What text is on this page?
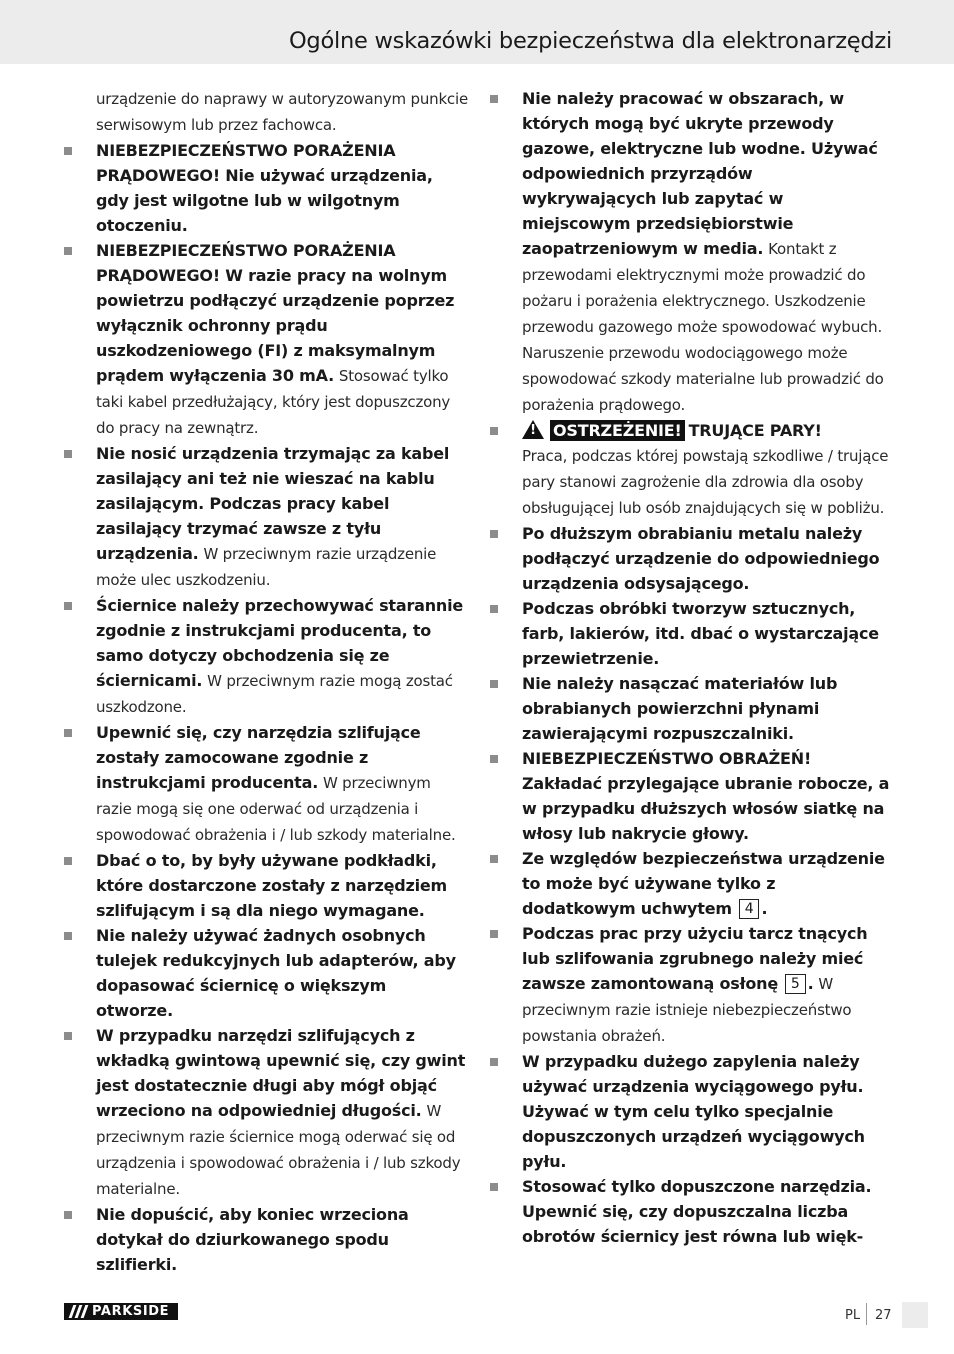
Ogólne wskazówki bezpieczeństwa dla elektronarzędzi

urządzenie do naprawy w autoryzowanym punkcie serwisowym lub przez fachowca.

NIEBEZPIECZEŃSTWO PORAŻENIA PRĄDOWEGO! Nie używać urządzenia, gdy jest wilgotne lub w wilgotnym otoczeniu.

NIEBEZPIECZEŃSTWO PORAŻENIA PRĄDOWEGO! W razie pracy na wolnym powietrzu podłączyć urządzenie poprzez wyłącznik ochronny prądu uszkodzeniowego (FI) z maksymalnym prądem wyłączenia 30 mA. Stosować tylko taki kabel przedłużający, który jest dopuszczony do pracy na zewnątrz.

Nie nosić urządzenia trzymając za kabel zasilający ani też nie wieszać na kablu zasilającym. Podczas pracy kabel zasilający trzymać zawsze z tyłu urządzenia. W przeciwnym razie urządzenie może ulec uszkodzeniu.

Ściernice należy przechowywać starannie zgodnie z instrukcjami producenta, to samo dotyczy obchodzenia się ze ściernicami. W przeciwnym razie mogą zostać uszkodzone.

Upewnić się, czy narzędzia szlifujące zostały zamocowane zgodnie z instrukcjami producenta. W przeciwnym razie mogą się one oderwać od urządzenia i spowodować obrażenia i / lub szkody materialne.

Dbać o to, by były używane podkładki, które dostarczone zostały z narzędziem szlifującym i są dla niego wymagane.

Nie należy używać żadnych osobnych tulejek redukcyjnych lub adapterów, aby dopasować ściernicę o większym otworze.

W przypadku narzędzi szlifujących z wkładką gwintową upewnić się, czy gwint jest dostatecznie długi aby mógł objąć wrzeciono na odpowiedniej długości. W przeciwnym razie ściernice mogą oderwać się od urządzenia i spowodować obrażenia i / lub szkody materialne.

Nie dopuścić, aby koniec wrzeciona dotykał do dziurkowanego spodu szlifierki.

Nie należy pracować w obszarach, w których mogą być ukryte przewody gazowe, elektryczne lub wodne. Używać odpowiednich przyrządów wykrywających lub zapytać w miejscowym przedsiębiorstwie zaopatrzeniowym w media. Kontakt z przewodami elektrycznymi może prowadzić do pożaru i porażenia elektrycznego. Uszkodzenie przewodu gazowego może spowodować wybuch. Naruszenie przewodu wodociągowego może spowodować szkody materialne lub prowadzić do porażenia prądowego.

!OSTRZEŻENIE! TRUJĄCE PARY!
Praca, podczas której powstają szkodliwe / trujące pary stanowi zagrożenie dla zdrowia dla osoby obsługującej lub osób znajdujących się w pobliżu.

Po dłuższym obrabianiu metalu należy podłączyć urządzenie do odpowiedniego urządzenia odsysającego.

Podczas obróbki tworzyw sztucznych, farb, lakierów, itd. dbać o wystarczające przewietrzenie.

Nie należy nasączać materiałów lub obrabianych powierzchni płynami zawierającymi rozpuszczalniki.

NIEBEZPIECZEŃSTWO OBRAŻEŃ! Zakładać przylegające ubranie robocze, a w przypadku dłuższych włosów siatkę na włosy lub nakrycie głowy.

Ze względów bezpieczeństwa urządzenie to może być używane tylko z dodatkowym uchwytem 4 .

Podczas prac przy użyciu tarcz tnących lub szlifowania zgrubnego należy mieć zawsze zamontowaną osłonę 5 . W przeciwnym razie istnieje niebezpieczeństwo powstania obrażeń.

W przypadku dużego zapylenia należy używać urządzenia wyciągowego pyłu. Używać w tym celu tylko specjalnie dopuszczonych urządzeń wyciągowych pyłu.

Stosować tylko dopuszczone narzędzia. Upewnić się, czy dopuszczalna liczba obrotów ściernicy jest równa lub więk-

PARKSIDE	PL 27
